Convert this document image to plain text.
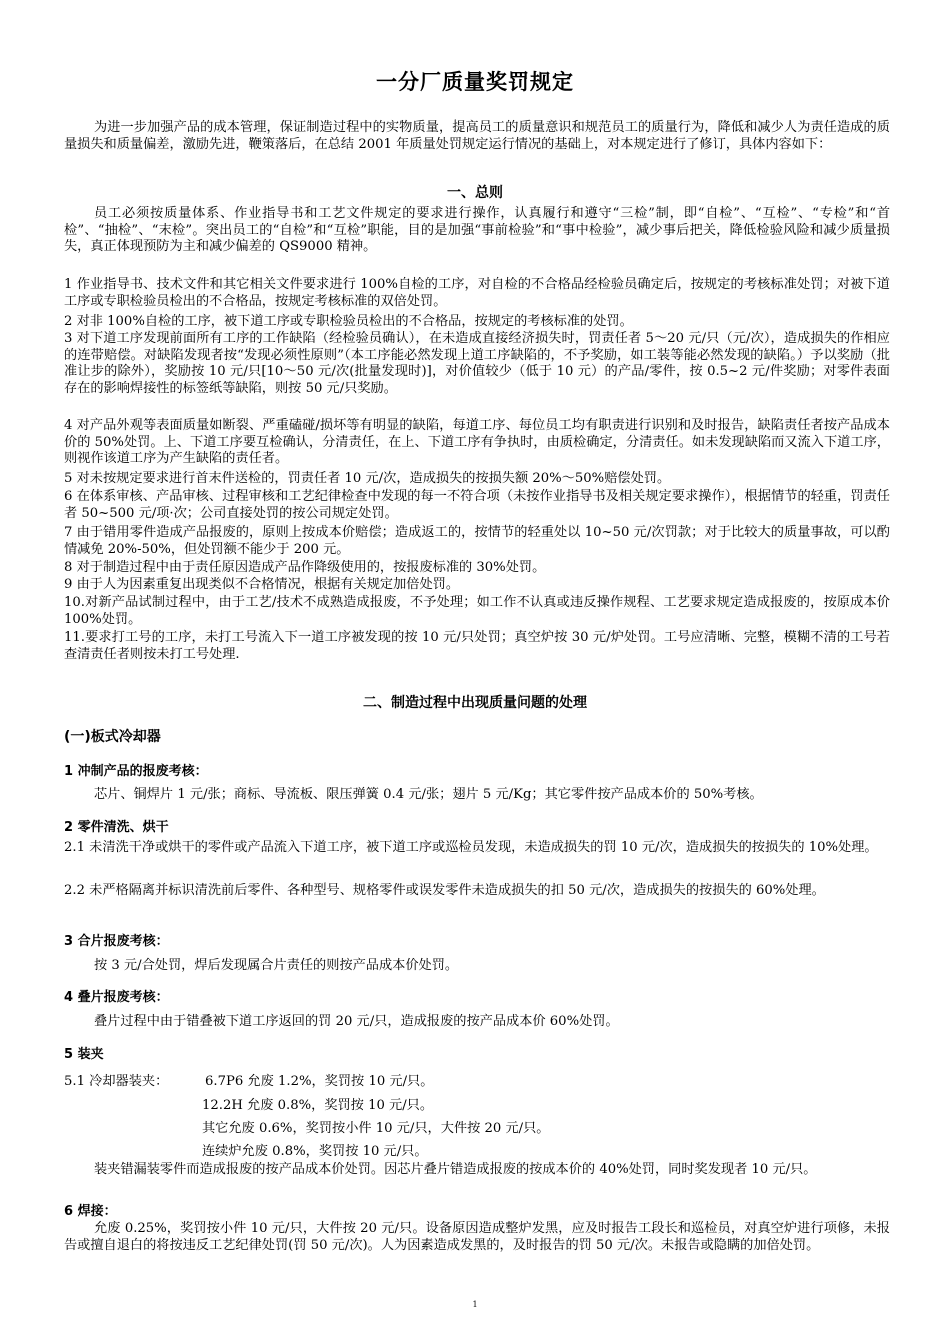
一分厂质量奖罚规定
为进一步加强产品的成本管理，保证制造过程中的实物质量，提高员工的质量意识和规范员工的质量行为，降低和减少人为责任造成的质量损失和质量偏差，激励先进，鞭策落后，在总结 2001 年质量处罚规定运行情况的基础上，对本规定进行了修订，具体内容如下：
一、总则
员工必须按质量体系、作业指导书和工艺文件规定的要求进行操作，认真履行和遵守“三检”制，即“自检”、“互检”、“专检”和“首检”、“抽检”、“末检”。突出员工的“自检”和“互检”职能，目的是加强“事前检验”和“事中检验”，减少事后把关，降低检验风险和减少质量损失，真正体现预防为主和减少偏差的 QS9000 精神。
1 作业指导书、技术文件和其它相关文件要求进行 100%自检的工序，对自检的不合格品经检验员确定后，按规定的考核标准处罚；对被下道工序或专职检验员检出的不合格品，按规定考核标准的双倍处罚。
2 对非 100%自检的工序，被下道工序或专职检验员检出的不合格品，按规定的考核标准的处罚。
3 对下道工序发现前面所有工序的工作缺陷（经检验员确认），在未造成直接经济损失时，罚责任者 5～20 元/只（元/次），造成损失的作相应的连带赔偿。对缺陷发现者按“发现必须性原则”（本工序能必然发现上道工序缺陷的，不予奖励，如工装等能必然发现的缺陷。）予以奖励（批准让步的除外），奖励按 10 元/只[10～50 元/次(批量发现时)]，对价值较少（低于 10 元）的产品/零件，按 0.5~2 元/件奖励；对零件表面存在的影响焊接性的标签纸等缺陷，则按 50 元/只奖励。
4 对产品外观等表面质量如断裂、严重磕碰/损坏等有明显的缺陷，每道工序、每位员工均有职责进行识别和及时报告，缺陷责任者按产品成本价的 50%处罚。上、下道工序要互检确认，分清责任，在上、下道工序有争执时，由质检确定，分清责任。如未发现缺陷而又流入下道工序，则视作该道工序为产生缺陷的责任者。
5 对未按规定要求进行首末件送检的，罚责任者 10 元/次，造成损失的按损失额 20%～50%赔偿处罚。
6 在体系审核、产品审核、过程审核和工艺纪律检查中发现的每一不符合项（未按作业指导书及相关规定要求操作），根据情节的轻重，罚责任者 50~500 元/项·次；公司直接处罚的按公司规定处罚。
7 由于错用零件造成产品报废的，原则上按成本价赔偿；造成返工的，按情节的轻重处以 10~50 元/次罚款；对于比较大的质量事故，可以酌情减免 20%-50%，但处罚额不能少于 200 元。
8 对于制造过程中由于责任原因造成产品作降级使用的，按报废标准的 30%处罚。
9 由于人为因素重复出现类似不合格情况，根据有关规定加倍处罚。
10.对新产品试制过程中，由于工艺/技术不成熟造成报废，不予处理；如工作不认真或违反操作规程、工艺要求规定造成报废的，按原成本价 100%处罚。
11.要求打工号的工序，未打工号流入下一道工序被发现的按 10 元/只处罚；真空炉按 30 元/炉处罚。工号应清晰、完整，模糊不清的工号若查清责任者则按未打工号处理.
二、制造过程中出现质量问题的处理
(一)板式冷却器
1 冲制产品的报废考核：
芯片、铜焊片 1 元/张；商标、导流板、限压弹簧 0.4 元/张；翅片 5 元/Kg；其它零件按产品成本价的 50%考核。
2 零件清洗、烘干
2.1 未清洗干净或烘干的零件或产品流入下道工序，被下道工序或巡检员发现，未造成损失的罚 10 元/次，造成损失的按损失的 10%处理。
2.2 未严格隔离并标识清洗前后零件、各种型号、规格零件或误发零件未造成损失的扣 50 元/次，造成损失的按损失的 60%处理。
3 合片报废考核：
按 3 元/合处罚，焊后发现属合片责任的则按产品成本价处罚。
4 叠片报废考核：
叠片过程中由于错叠被下道工序返回的罚 20 元/只，造成报废的按产品成本价 60%处罚。
5 装夹
5.1 冷却器装夹：	6.7P6 允废 1.2%，奖罚按 10 元/只。
12.2H 允废 0.8%，奖罚按 10 元/只。
其它允废 0.6%，奖罚按小件 10 元/只，大件按 20 元/只。
连续炉允废 0.8%，奖罚按 10 元/只。
装夹错漏装零件而造成报废的按产品成本价处罚。因芯片叠片错造成报废的按成本价的 40%处罚，同时奖发现者 10 元/只。
6 焊接：
允废 0.25%，奖罚按小件 10 元/只，大件按 20 元/只。设备原因造成整炉发黑，应及时报告工段长和巡检员，对真空炉进行项修，未报告或擅自退白的将按违反工艺纪律处罚(罚 50 元/次)。人为因素造成发黑的，及时报告的罚 50 元/次。未报告或隐瞒的加倍处罚。
1
